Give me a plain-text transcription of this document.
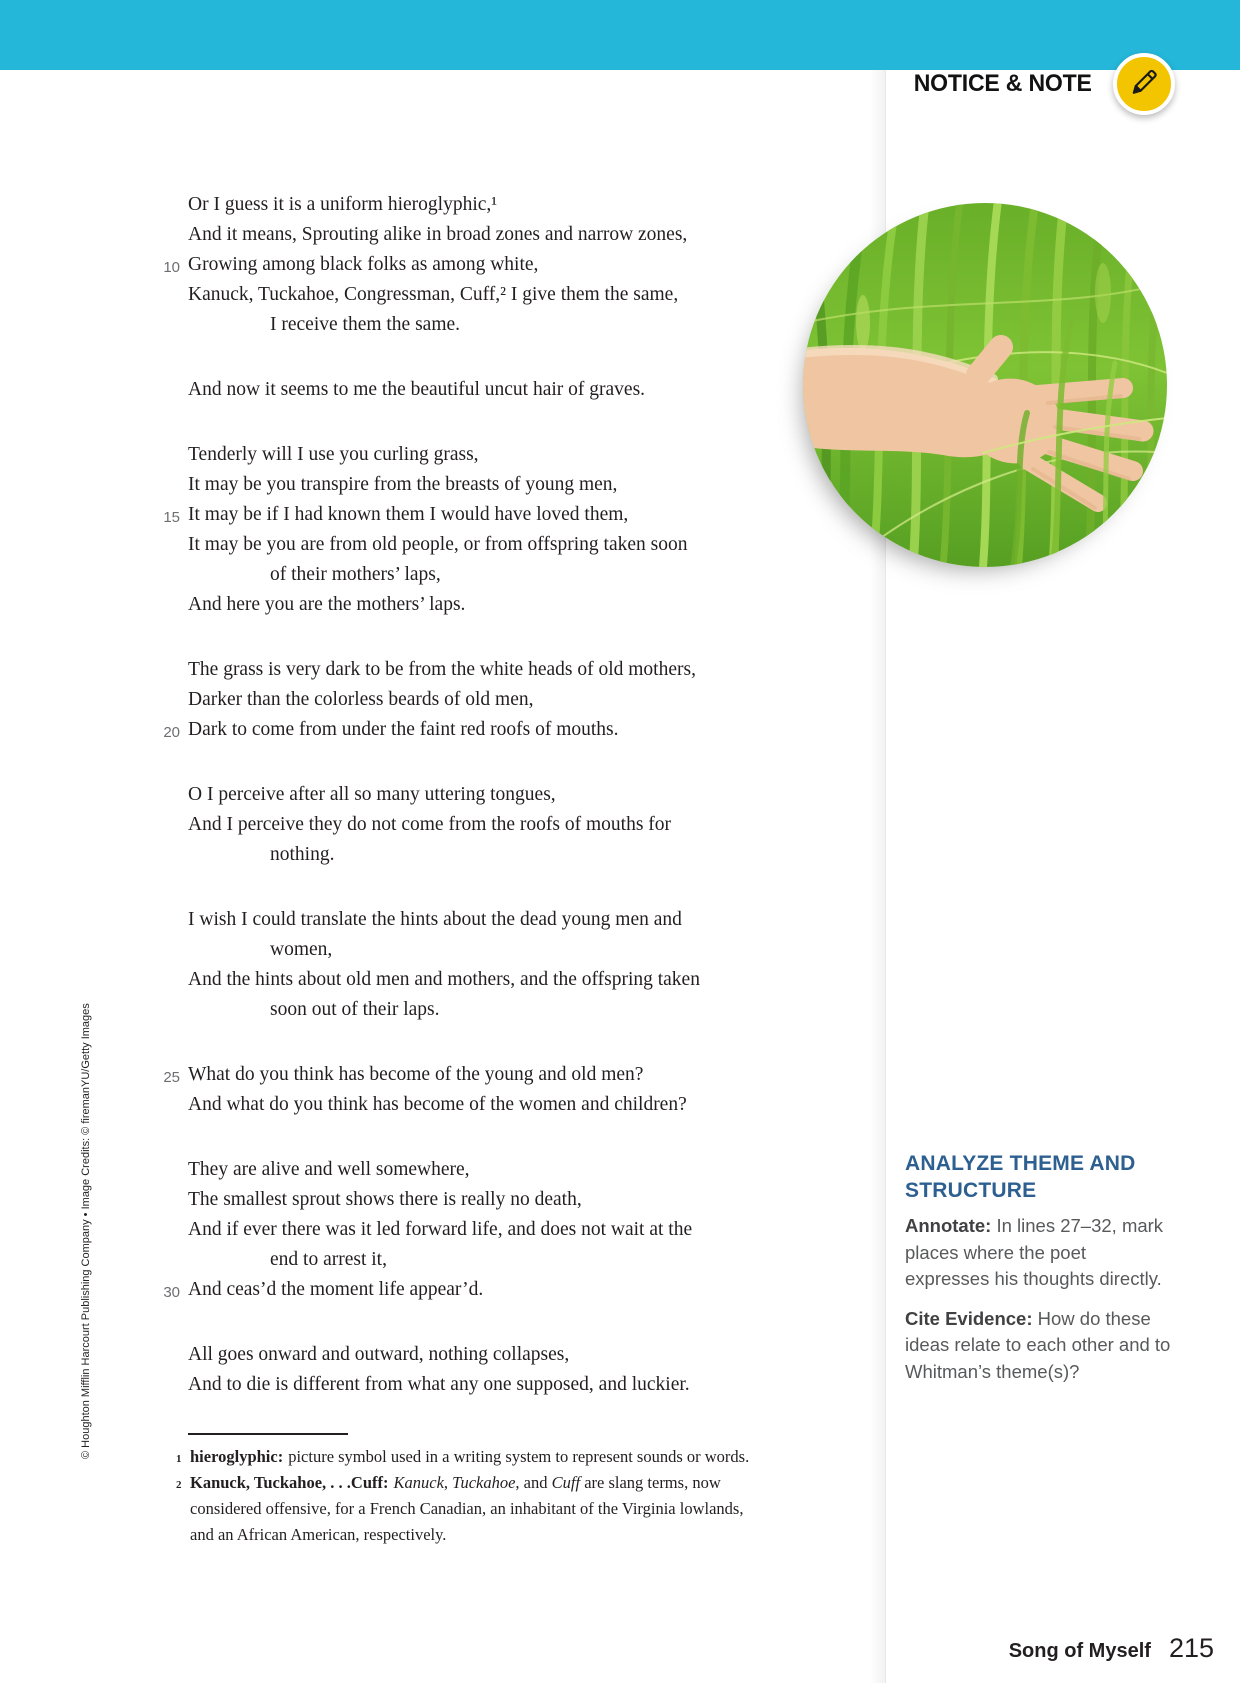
NOTICE & NOTE
Or I guess it is a uniform hieroglyphic,¹
And it means, Sprouting alike in broad zones and narrow zones,
10 Growing among black folks as among white,
Kanuck, Tuckahoe, Congressman, Cuff,² I give them the same,
I receive them the same.
And now it seems to me the beautiful uncut hair of graves.
Tenderly will I use you curling grass,
It may be you transpire from the breasts of young men,
15 It may be if I had known them I would have loved them,
It may be you are from old people, or from offspring taken soon
of their mothers’ laps,
And here you are the mothers’ laps.
The grass is very dark to be from the white heads of old mothers,
Darker than the colorless beards of old men,
20 Dark to come from under the faint red roofs of mouths.
O I perceive after all so many uttering tongues,
And I perceive they do not come from the roofs of mouths for
nothing.
I wish I could translate the hints about the dead young men and
women,
And the hints about old men and mothers, and the offspring taken
soon out of their laps.
25 What do you think has become of the young and old men?
And what do you think has become of the women and children?
They are alive and well somewhere,
The smallest sprout shows there is really no death,
And if ever there was it led forward life, and does not wait at the
end to arrest it,
30 And ceas’d the moment life appear’d.
All goes onward and outward, nothing collapses,
And to die is different from what any one supposed, and luckier.
1 hieroglyphic: picture symbol used in a writing system to represent sounds or words.
2 Kanuck, Tuckahoe, . . .Cuff: Kanuck, Tuckahoe, and Cuff are slang terms, now considered offensive, for a French Canadian, an inhabitant of the Virginia lowlands, and an African American, respectively.

ANALYZE THEME AND STRUCTURE

Annotate: In lines 27–32, mark places where the poet expresses his thoughts directly.

Cite Evidence: How do these ideas relate to each other and to Whitman’s theme(s)?

© Houghton Mifflin Harcourt Publishing Company • Image Credits: © firemanYU/Getty Images
Song of Myself 215
